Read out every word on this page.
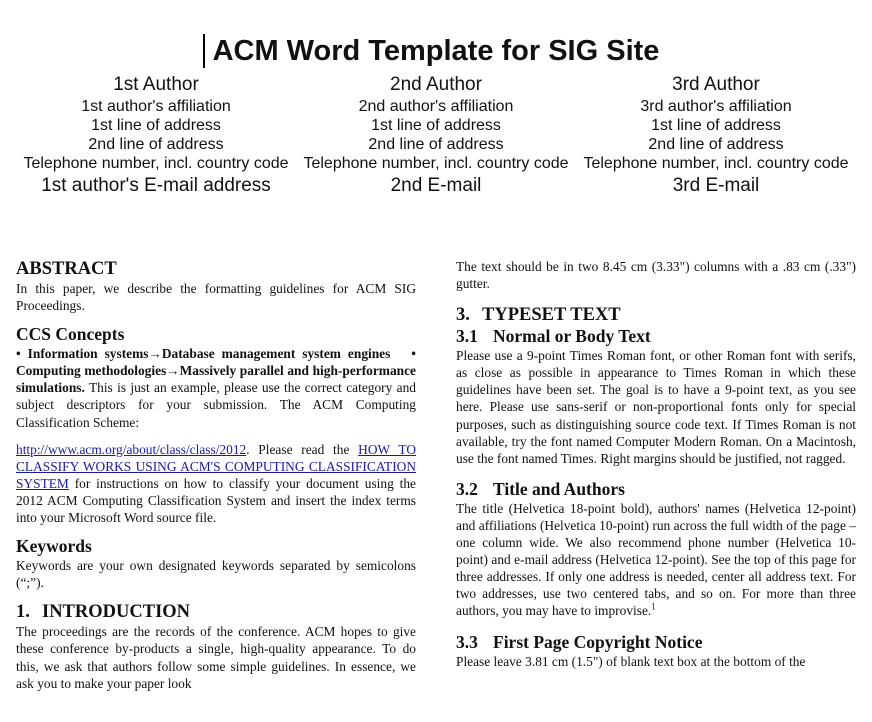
ACM Word Template for SIG Site
1st Author
1st author's affiliation
1st line of address
2nd line of address
Telephone number, incl. country code
1st author's E-mail address
2nd Author
2nd author's affiliation
1st line of address
2nd line of address
Telephone number, incl. country code
2nd E-mail
3rd Author
3rd author's affiliation
1st line of address
2nd line of address
Telephone number, incl. country code
3rd E-mail
ABSTRACT

In this paper, we describe the formatting guidelines for ACM SIG Proceedings.

CCS Concepts

• Information systems→Database management system engines • Computing methodologies→Massively parallel and high-performance simulations. This is just an example, please use the correct category and subject descriptors for your submission. The ACM Computing Classification Scheme:

http://www.acm.org/about/class/class/2012. Please read the HOW TO CLASSIFY WORKS USING ACM'S COMPUTING CLASSIFICATION SYSTEM for instructions on how to classify your document using the 2012 ACM Computing Classification System and insert the index terms into your Microsoft Word source file.

Keywords

Keywords are your own designated keywords separated by semicolons (“;”).

1. INTRODUCTION

The proceedings are the records of the conference. ACM hopes to give these conference by-products a single, high-quality appearance. To do this, we ask that authors follow some simple guidelines. In essence, we ask you to make your paper look

The text should be in two 8.45 cm (3.33") columns with a .83 cm (.33") gutter.

3. TYPESET TEXT
3.1 Normal or Body Text

Please use a 9-point Times Roman font, or other Roman font with serifs, as close as possible in appearance to Times Roman in which these guidelines have been set. The goal is to have a 9-point text, as you see here. Please use sans-serif or non-proportional fonts only for special purposes, such as distinguishing source code text. If Times Roman is not available, try the font named Computer Modern Roman. On a Macintosh, use the font named Times. Right margins should be justified, not ragged.

3.2 Title and Authors

The title (Helvetica 18-point bold), authors' names (Helvetica 12-point) and affiliations (Helvetica 10-point) run across the full width of the page – one column wide. We also recommend phone number (Helvetica 10-point) and e-mail address (Helvetica 12-point). See the top of this page for three addresses. If only one address is needed, center all address text. For two addresses, use two centered tabs, and so on. For more than three authors, you may have to improvise.$^1$

3.3 First Page Copyright Notice

Please leave 3.81 cm (1.5") of blank text box at the bottom of the
